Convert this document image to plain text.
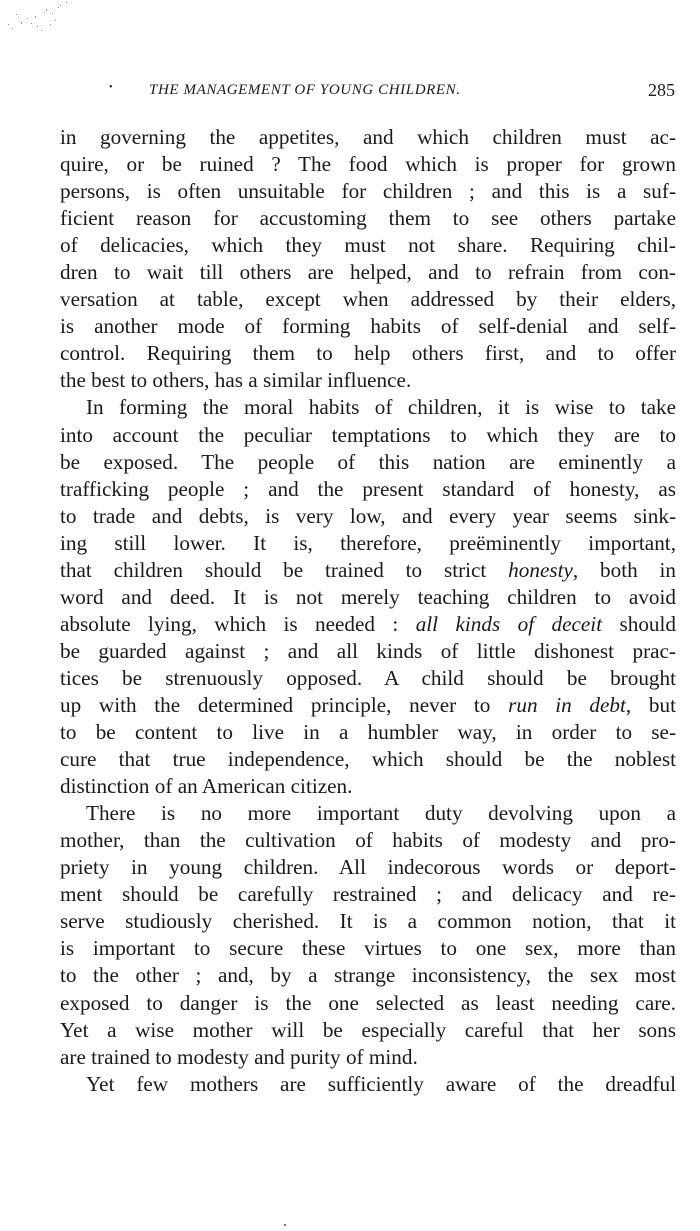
• THE MANAGEMENT OF YOUNG CHILDREN.	285
in governing the appetites, and which children must ac-
quire, or be ruined ? The food which is proper for grown
persons, is often unsuitable for children ; and this is a suf-
ficient reason for accustoming them to see others partake
of delicacies, which they must not share. Requiring chil-
dren to wait till others are helped, and to refrain from con-
versation at table, except when addressed by their elders,
is another mode of forming habits of self-denial and self-
control. Requiring them to help others first, and to offer
the best to others, has a similar influence.
In forming the moral habits of children, it is wise to take
into account the peculiar temptations to which they are to
be exposed. The people of this nation are eminently a
trafficking people ; and the present standard of honesty, as
to trade and debts, is very low, and every year seems sink-
ing still lower. It is, therefore, preëminently important,
that children should be trained to strict honesty, both in
word and deed. It is not merely teaching children to avoid
absolute lying, which is needed : all kinds of deceit should
be guarded against ; and all kinds of little dishonest prac-
tices be strenuously opposed. A child should be brought
up with the determined principle, never to run in debt, but
to be content to live in a humbler way, in order to se-
cure that true independence, which should be the noblest
distinction of an American citizen.
There is no more important duty devolving upon a
mother, than the cultivation of habits of modesty and pro-
priety in young children. All indecorous words or deport-
ment should be carefully restrained ; and delicacy and re-
serve studiously cherished. It is a common notion, that it
is important to secure these virtues to one sex, more than
to the other ; and, by a strange inconsistency, the sex most
exposed to danger is the one selected as least needing care.
Yet a wise mother will be especially careful that her sons
are trained to modesty and purity of mind.
Yet few mothers are sufficiently aware of the dreadful
